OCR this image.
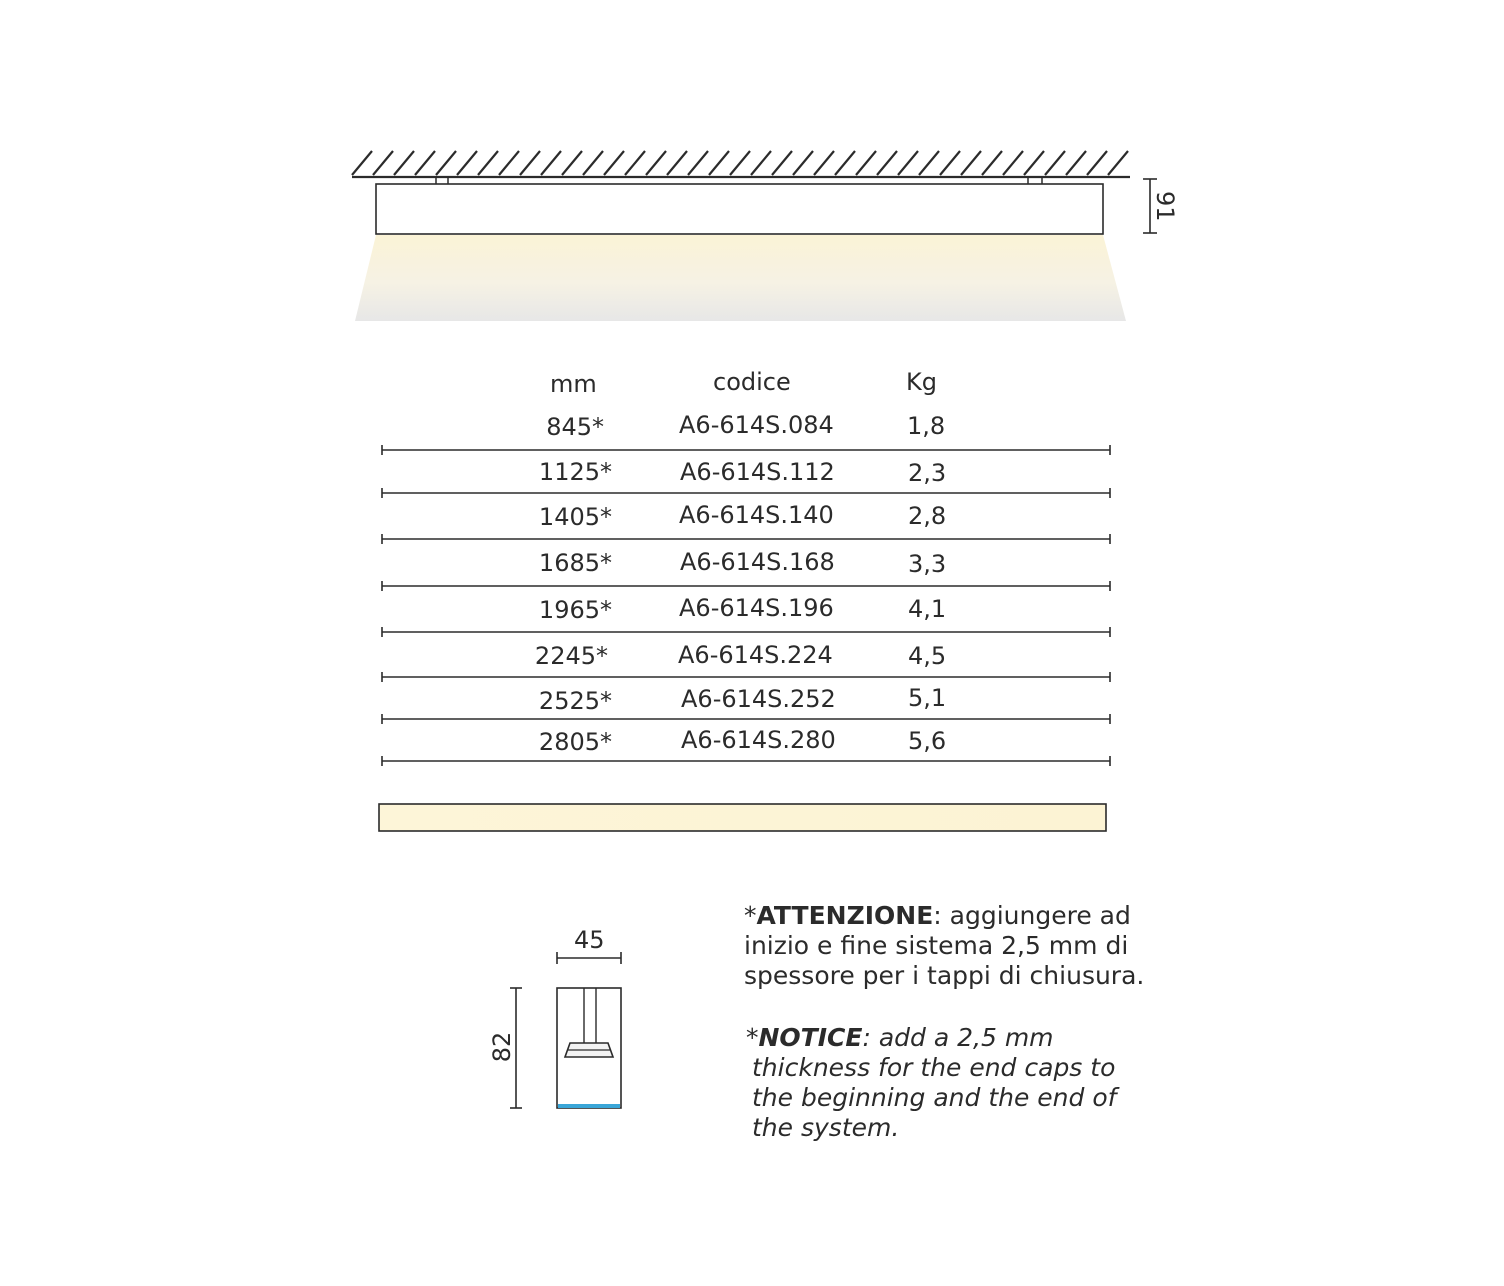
91
mm	codice	Kg
845*	A6-614S.084	1,8
1125*	A6-614S.112	2,3
1405*	A6-614S.140	2,8
1685*	A6-614S.168	3,3
1965*	A6-614S.196	4,1
2245*	A6-614S.224	4,5
2525*	A6-614S.252	5,1
2805*	A6-614S.280	5,6
45
82
*ATTENZIONE: aggiungere ad
inizio e fine sistema 2,5 mm di
spessore per i tappi di chiusura.
*NOTICE: add a 2,5 mm
thickness for the end caps to
the beginning and the end of
the system.
